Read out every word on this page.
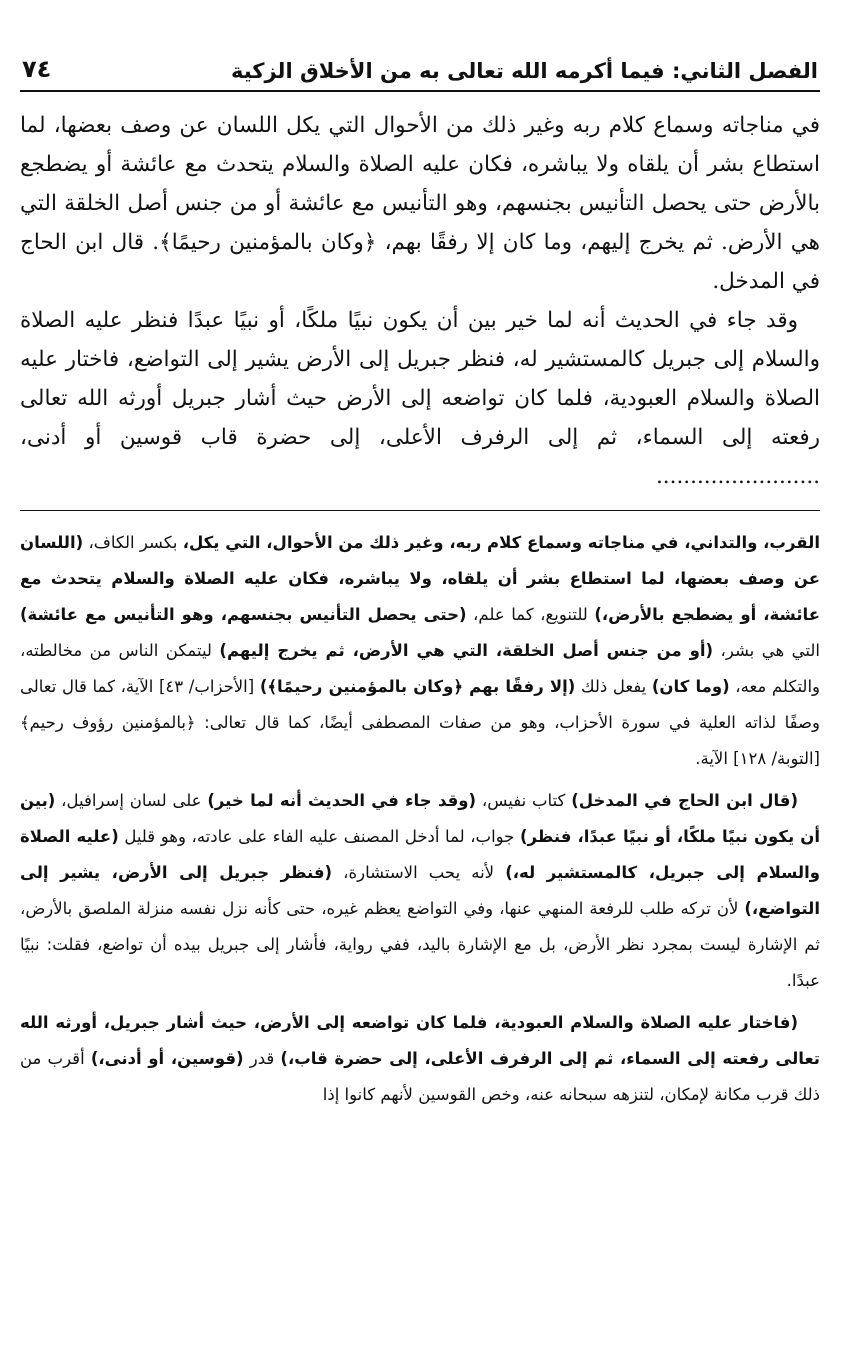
الفصل الثاني: فيما أكرمه الله تعالى به من الأخلاق الزكية
٧٤

في مناجاته وسماع كلام ربه وغير ذلك من الأحوال التي يكل اللسان عن وصف بعضها، لما استطاع بشر أن يلقاه ولا يباشره، فكان عليه الصلاة والسلام يتحدث مع عائشة أو يضطجع بالأرض حتى يحصل التأنيس بجنسهم، وهو التأنيس مع عائشة أو من جنس أصل الخلقة التي هي الأرض. ثم يخرج إليهم، وما كان إلا رفقًا بهم، ﴿وكان بالمؤمنين رحيمًا﴾. قال ابن الحاج في المدخل.

وقد جاء في الحديث أنه لما خير بين أن يكون نبيًا ملكًا، أو نبيًا عبدًا فنظر عليه الصلاة والسلام إلى جبريل كالمستشير له، فنظر جبريل إلى الأرض يشير إلى التواضع، فاختار عليه الصلاة والسلام العبودية، فلما كان تواضعه إلى الأرض حيث أشار جبريل أورثه الله تعالى رفعته إلى السماء، ثم إلى الرفرف الأعلى، إلى حضرة قاب قوسين أو أدنى، ........................

القرب، والتداني، في مناجاته وسماع كلام ربه، وغير ذلك من الأحوال، التي يكل، بكسر الكاف، (اللسان عن وصف بعضها، لما استطاع بشر أن يلقاه، ولا يباشره، فكان عليه الصلاة والسلام يتحدث مع عائشة، أو يضطجع بالأرض،) للتنويع، كما علم، (حتى يحصل التأنيس بجنسهم، وهو التأنيس مع عائشة) التي هي بشر، (أو من جنس أصل الخلقة، التي هي الأرض، ثم يخرج إليهم) ليتمكن الناس من مخالطته، والتكلم معه، (وما كان) يفعل ذلك (إلا رفقًا بهم ﴿وكان بالمؤمنين رحيمًا﴾) [الأحزاب/ ٤٣] الآية، كما قال تعالى وصفًا لذاته العلية في سورة الأحزاب، وهو من صفات المصطفى أيضًا، كما قال تعالى: ﴿بالمؤمنين رؤوف رحيم﴾ [التوبة/ ١٢٨] الآية.

(قال ابن الحاج في المدخل) كتاب نفيس، (وقد جاء في الحديث أنه لما خير) على لسان إسرافيل، (بين أن يكون نبيًا ملكًا، أو نبيًا عبدًا، فنظر) جواب، لما أدخل المصنف عليه الفاء على عادته، وهو قليل (عليه الصلاة والسلام إلى جبريل، كالمستشير له،) لأنه يحب الاستشارة، (فنظر جبريل إلى الأرض، يشير إلى التواضع،) لأن تركه طلب للرفعة المنهي عنها، وفي التواضع يعظم غيره، حتى كأنه نزل نفسه منزلة الملصق بالأرض، ثم الإشارة ليست بمجرد نظر الأرض، بل مع الإشارة باليد، ففي رواية، فأشار إلى جبريل بيده أن تواضع، فقلت: نبيًا عبدًا.

(فاختار عليه الصلاة والسلام العبودية، فلما كان تواضعه إلى الأرض، حيث أشار جبريل، أورثه الله تعالى رفعته إلى السماء، ثم إلى الرفرف الأعلى، إلى حضرة قاب،) قدر (قوسين، أو أدنى،) أقرب من ذلك قرب مكانة لإمكان، لتنزهه سبحانه عنه، وخص القوسين لأنهم كانوا إذا
